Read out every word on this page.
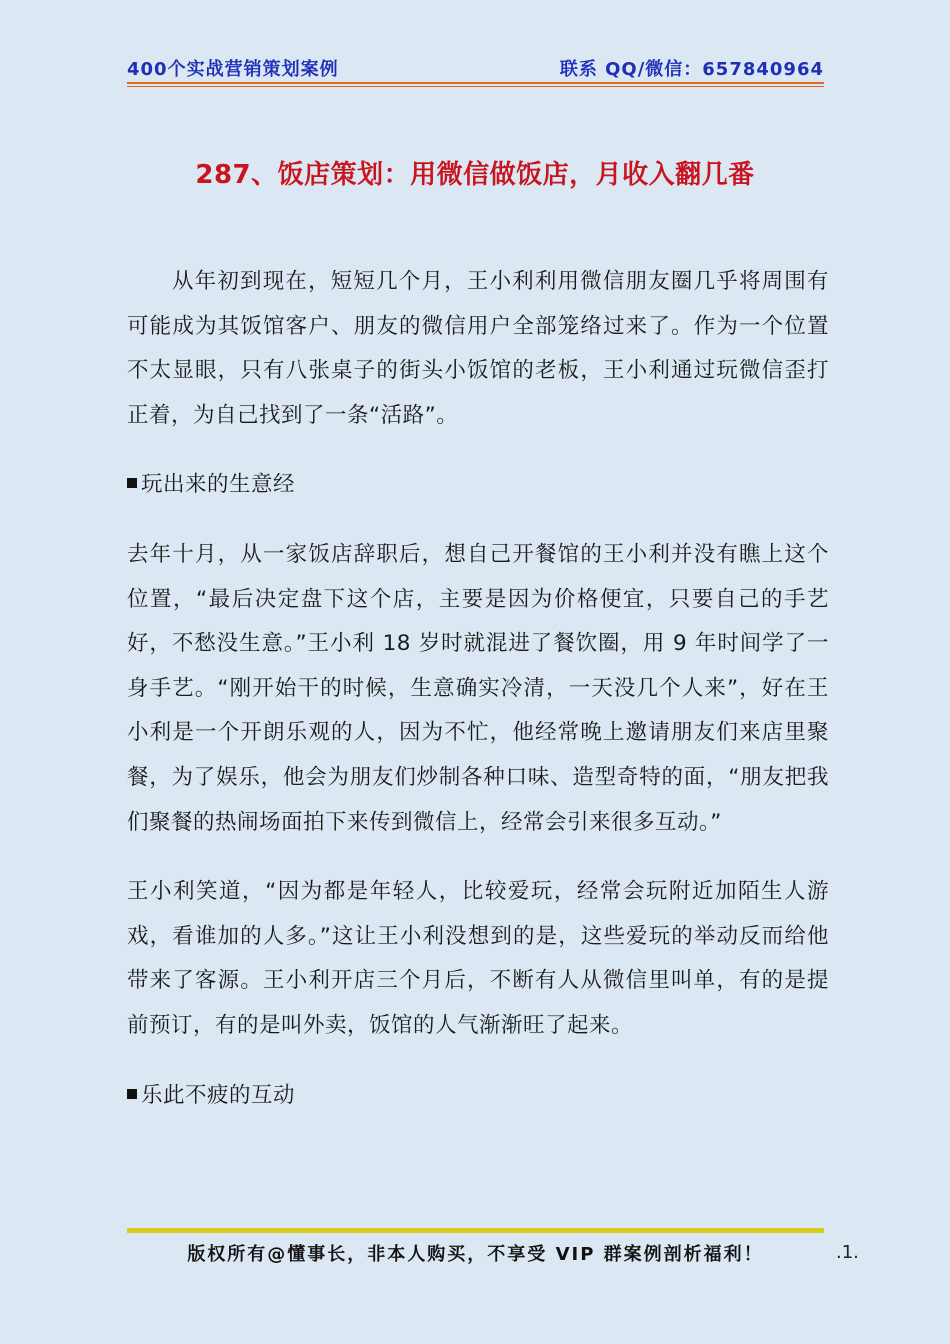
400个实战营销策划案例	联系 QQ/微信：657840964
287、饭店策划：用微信做饭店，月收入翻几番

从年初到现在，短短几个月，王小利利用微信朋友圈几乎将周围有可能成为其饭馆客户、朋友的微信用户全部笼络过来了。作为一个位置不太显眼，只有八张桌子的街头小饭馆的老板，王小利通过玩微信歪打正着，为自己找到了一条“活路”。

玩出来的生意经

去年十月，从一家饭店辞职后，想自己开餐馆的王小利并没有瞧上这个位置，“最后决定盘下这个店，主要是因为价格便宜，只要自己的手艺好，不愁没生意。”王小利 18 岁时就混进了餐饮圈，用 9 年时间学了一身手艺。“刚开始干的时候，生意确实冷清，一天没几个人来”，好在王小利是一个开朗乐观的人，因为不忙，他经常晚上邀请朋友们来店里聚餐，为了娱乐，他会为朋友们炒制各种口味、造型奇特的面，“朋友把我们聚餐的热闹场面拍下来传到微信上，经常会引来很多互动。”

王小利笑道，“因为都是年轻人，比较爱玩，经常会玩附近加陌生人游戏，看谁加的人多。”这让王小利没想到的是，这些爱玩的举动反而给他带来了客源。王小利开店三个月后，不断有人从微信里叫单，有的是提前预订，有的是叫外卖，饭馆的人气渐渐旺了起来。

乐此不疲的互动
版权所有@懂事长，非本人购买，不享受 VIP 群案例剖析福利！	.1.
